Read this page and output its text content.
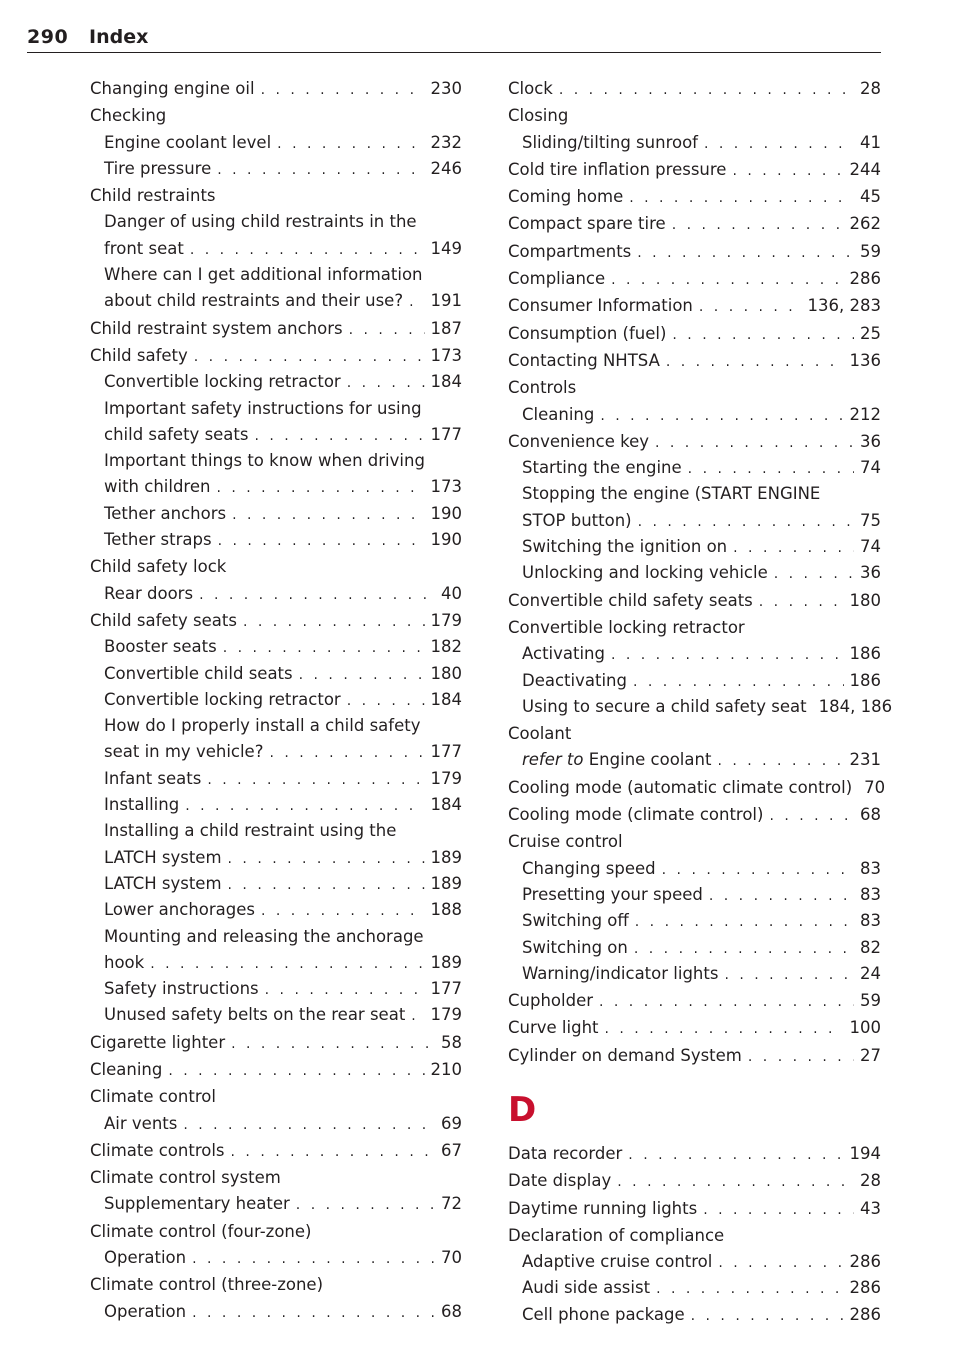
290 Index
Changing engine oil . . .	230
Checking
Engine coolant level . . .	232
Tire pressure . . .	246
Child restraints
Danger of using child restraints in the
front seat . . .	149
Where can I get additional information
about child restraints and their use? . . . 191
Child restraint system anchors . . .	187
Child safety . . .	173
Convertible locking retractor . . .	184
Important safety instructions for using
child safety seats . . .	177
Important things to know when driving
with children . . .	173
Tether anchors . . .	190
Tether straps . . .	190
Child safety lock
Rear doors . . .	40
Child safety seats . . .	179
Booster seats . . .	182
Convertible child seats . . .	180
Convertible locking retractor . . .	184
How do I properly install a child safety
seat in my vehicle? . . .	177
Infant seats . . .	179
Installing . . .	184
Installing a child restraint using the
LATCH system . . .	189
LATCH system . . .	189
Lower anchorages . . .	188
Mounting and releasing the anchorage
hook . . .	189
Safety instructions . . .	177
Unused safety belts on the rear seat . . . 179
Cigarette lighter . . .	58
Cleaning . . .	210
Climate control
Air vents . . .	69
Climate controls . . .	67
Climate control system
Supplementary heater . . .	72
Climate control (four-zone)
Operation . . .	70
Climate control (three-zone)
Operation . . .	68
Clock . . .	28
Closing
Sliding/tilting sunroof . . .	41
Cold tire inflation pressure . . .	244
Coming home . . .	45
Compact spare tire . . .	262
Compartments . . .	59
Compliance . . .	286
Consumer Information . . .	136, 283
Consumption (fuel) . . .	25
Contacting NHTSA . . .	136
Controls
Cleaning . . .	212
Convenience key . . .	36
Starting the engine . . .	74
Stopping the engine (START ENGINE
STOP button) . . .	75
Switching the ignition on . . .	74
Unlocking and locking vehicle . . .	36
Convertible child safety seats . . .	180
Convertible locking retractor
Activating . . .	186
Deactivating . . .	186
Using to secure a child safety seat 184, 186
Coolant
refer to Engine coolant . . .	231
Cooling mode (automatic climate control) 70
Cooling mode (climate control) . . .	68
Cruise control
Changing speed . . .	83
Presetting your speed . . .	83
Switching off . . .	83
Switching on . . .	82
Warning/indicator lights . . .	24
Cupholder . . .	59
Curve light . . .	100
Cylinder on demand System . . .	27
D
Data recorder . . .	194
Date display . . .	28
Daytime running lights . . .	43
Declaration of compliance
Adaptive cruise control . . .	286
Audi side assist . . .	286
Cell phone package . . .	286
